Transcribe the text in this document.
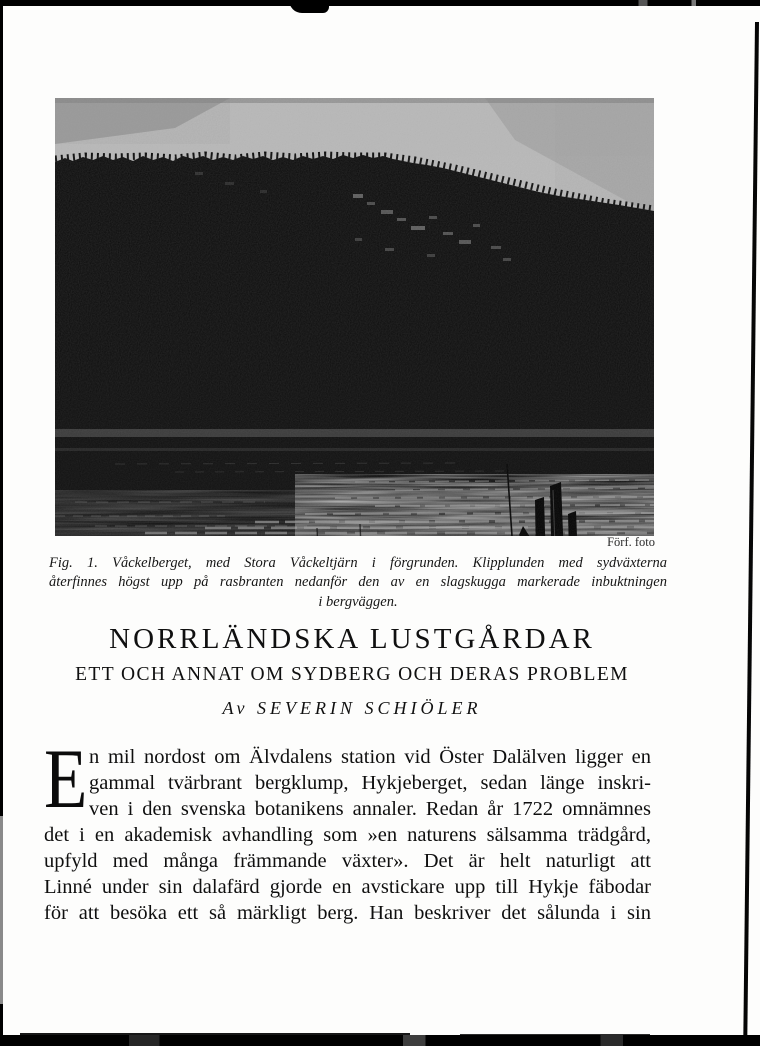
Förf. foto
Fig. 1. Våckelberget, med Stora Våckeltjärn i förgrunden. Klipplunden med sydväxterna
återfinnes högst upp på rasbranten nedanför den av en slagskugga markerade inbuktningen
i bergväggen.
NORRLÄNDSKA LUSTGÅRDAR
ETT OCH ANNAT OM SYDBERG OCH DERAS PROBLEM
Av SEVERIN SCHIÖLER
E n mil nordost om Älvdalens station vid Öster Dalälven ligger en
gammal tvärbrant bergklump, Hykjeberget, sedan länge inskri-
ven i den svenska botanikens annaler. Redan år 1722 omnämnes
det i en akademisk avhandling som »en naturens sälsamma trädgård,
upfyld med många främmande växter». Det är helt naturligt att
Linné under sin dalafärd gjorde en avstickare upp till Hykje fäbodar
för att besöka ett så märkligt berg. Han beskriver det sålunda i sin
